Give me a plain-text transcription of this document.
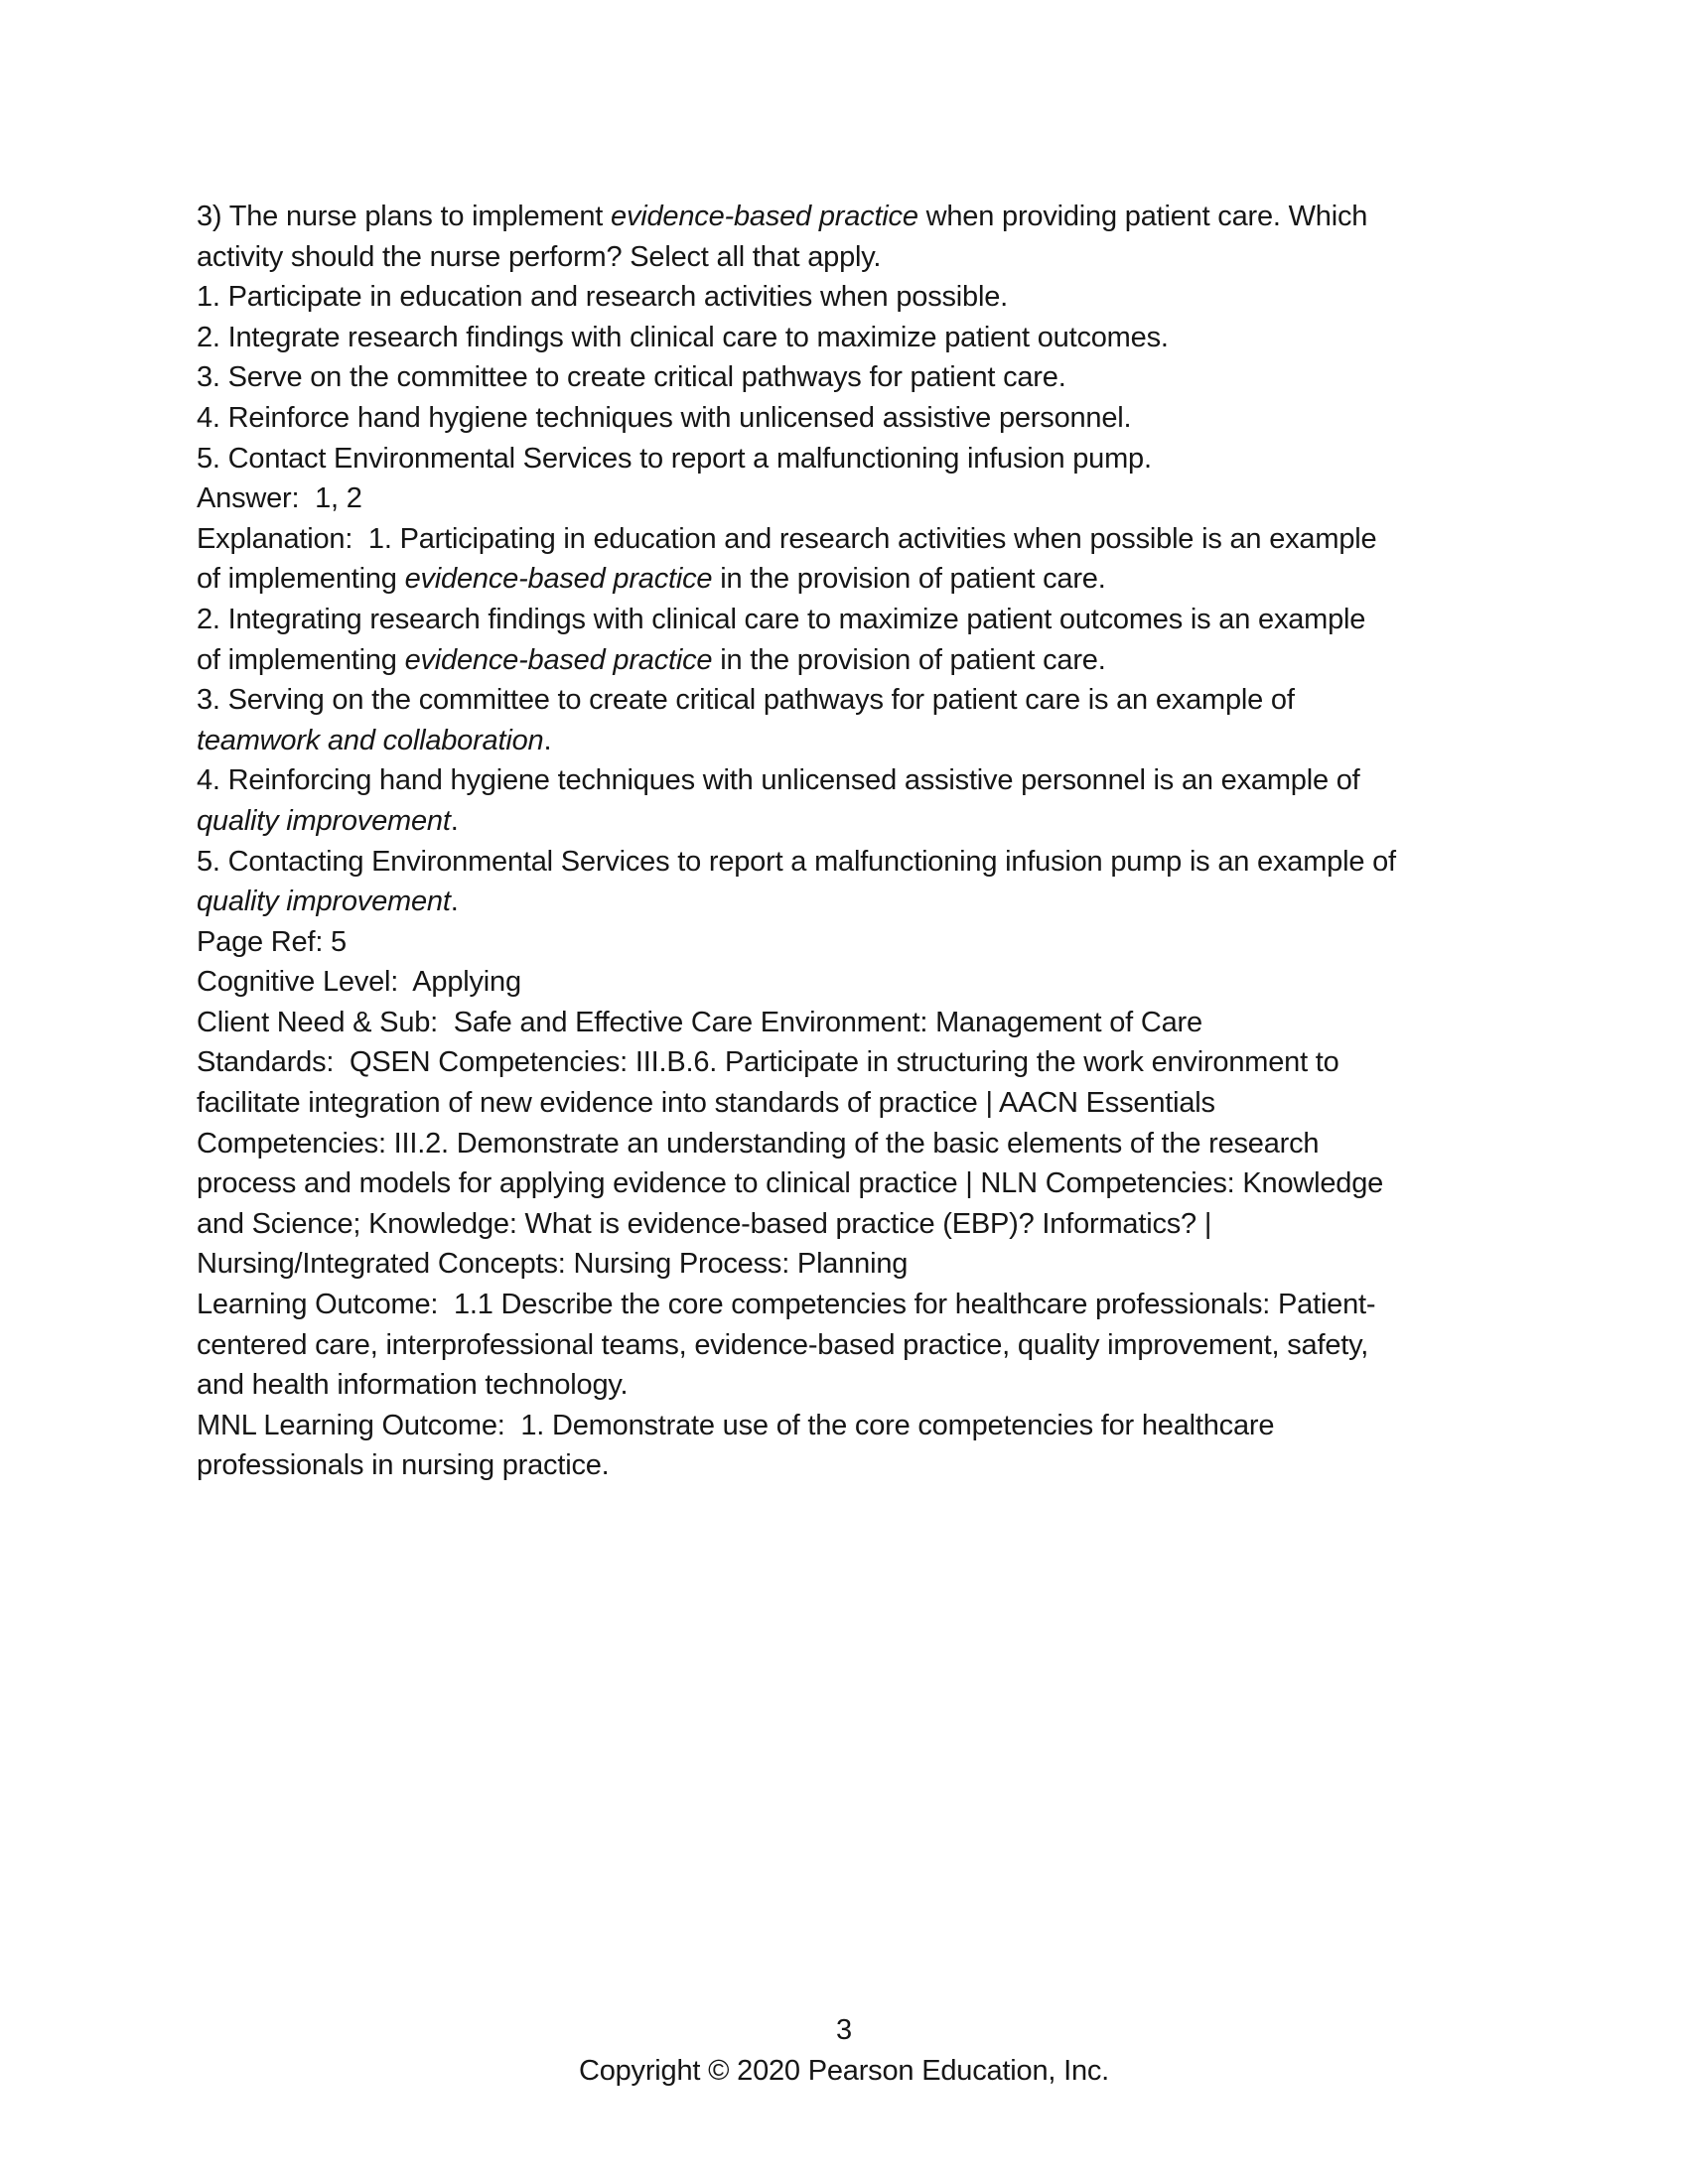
3) The nurse plans to implement evidence-based practice when providing patient care. Which
activity should the nurse perform? Select all that apply.
1. Participate in education and research activities when possible.
2. Integrate research findings with clinical care to maximize patient outcomes.
3. Serve on the committee to create critical pathways for patient care.
4. Reinforce hand hygiene techniques with unlicensed assistive personnel.
5. Contact Environmental Services to report a malfunctioning infusion pump.
Answer:  1, 2
Explanation:  1. Participating in education and research activities when possible is an example
of implementing evidence-based practice in the provision of patient care.
2. Integrating research findings with clinical care to maximize patient outcomes is an example
of implementing evidence-based practice in the provision of patient care.
3. Serving on the committee to create critical pathways for patient care is an example of
teamwork and collaboration.
4. Reinforcing hand hygiene techniques with unlicensed assistive personnel is an example of
quality improvement.
5. Contacting Environmental Services to report a malfunctioning infusion pump is an example of
quality improvement.
Page Ref: 5
Cognitive Level:  Applying
Client Need & Sub:  Safe and Effective Care Environment: Management of Care
Standards:  QSEN Competencies: III.B.6. Participate in structuring the work environment to
facilitate integration of new evidence into standards of practice | AACN Essentials
Competencies: III.2. Demonstrate an understanding of the basic elements of the research
process and models for applying evidence to clinical practice | NLN Competencies: Knowledge
and Science; Knowledge: What is evidence-based practice (EBP)? Informatics? |
Nursing/Integrated Concepts: Nursing Process: Planning
Learning Outcome:  1.1 Describe the core competencies for healthcare professionals: Patient-
centered care, interprofessional teams, evidence-based practice, quality improvement, safety,
and health information technology.
MNL Learning Outcome:  1. Demonstrate use of the core competencies for healthcare
professionals in nursing practice.
3
Copyright © 2020 Pearson Education, Inc.
